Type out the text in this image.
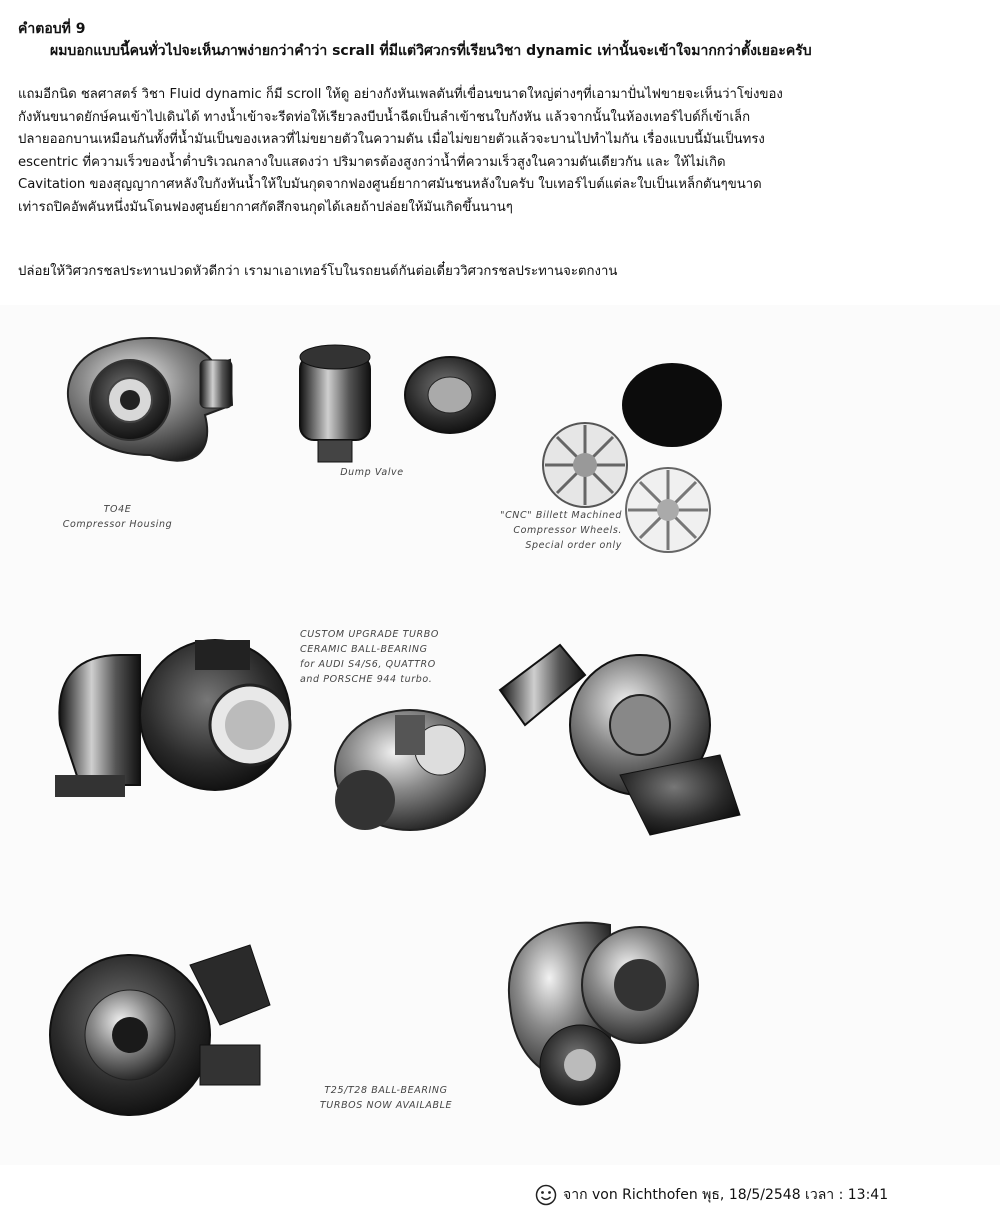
คำตอบที่ 9
ผมบอกแบบนี้คนทั่วไปจะเห็นภาพง่ายกว่าคำว่า scrall ที่มีแต่วิศวกรที่เรียนวิชา dynamic เท่านั้นจะเข้าใจมากกว่าตั้งเยอะครับ
แถมอีกนิด ชลศาสตร์ วิชา Fluid dynamic ก็มี scroll ให้ดู อย่างกังหันเพลตันที่เขื่อนขนาดใหญ่ต่างๆที่เอามาปั่นไฟขายจะเห็นว่าโข่งของ
กังหันขนาดยักษ์คนเข้าไปเดินได้ ทางน้ำเข้าจะรีดท่อให้เรียวลงบีบน้ำฉีดเป็นลำเข้าชนใบกังหัน แล้วจากนั้นในห้องเทอร์ไบด์ก็เข้าเล็ก
ปลายออกบานเหมือนกันทั้งที่น้ำมันเป็นของเหลวที่ไม่ขยายตัวในความดัน เมื่อไม่ขยายตัวแล้วจะบานไปทำไมกัน เรื่องแบบนี้มันเป็นทรง
escentric ที่ความเร็วของน้ำต่ำบริเวณกลางใบแสดงว่า ปริมาตรต้องสูงกว่าน้ำที่ความเร็วสูงในความดันเดียวกัน และ ให้ไม่เกิด
Cavitation ของสุญญากาศหลังใบกังหันน้ำให้ใบมันกุดจากฟองศูนย์ยากาศมันชนหลังใบครับ ใบเทอร์ไบต์แต่ละใบเป็นเหล็กตันๆขนาด
เท่ารถปิคอัพคันหนึ่งมันโดนฟองศูนย์ยากาศกัดสึกจนกุดได้เลยถ้าปล่อยให้มันเกิดขึ้นนานๆ
ปล่อยให้วิศวกรชลประทานปวดหัวดีกว่า เรามาเอาเทอร์โบในรถยนต์กันต่อเดี๋ยววิศวกรชลประทานจะตกงาน
TO4E
Compressor Housing
Dump Valve
"CNC" Billett Machined
Compressor Wheels.
Special order only
CUSTOM UPGRADE TURBO
CERAMIC BALL-BEARING
for AUDI S4/S6, QUATTRO
and PORSCHE 944 turbo.
T25/T28 BALL-BEARING
TURBOS NOW AVAILABLE
จาก von Richthofen พุธ, 18/5/2548 เวลา : 13:41
